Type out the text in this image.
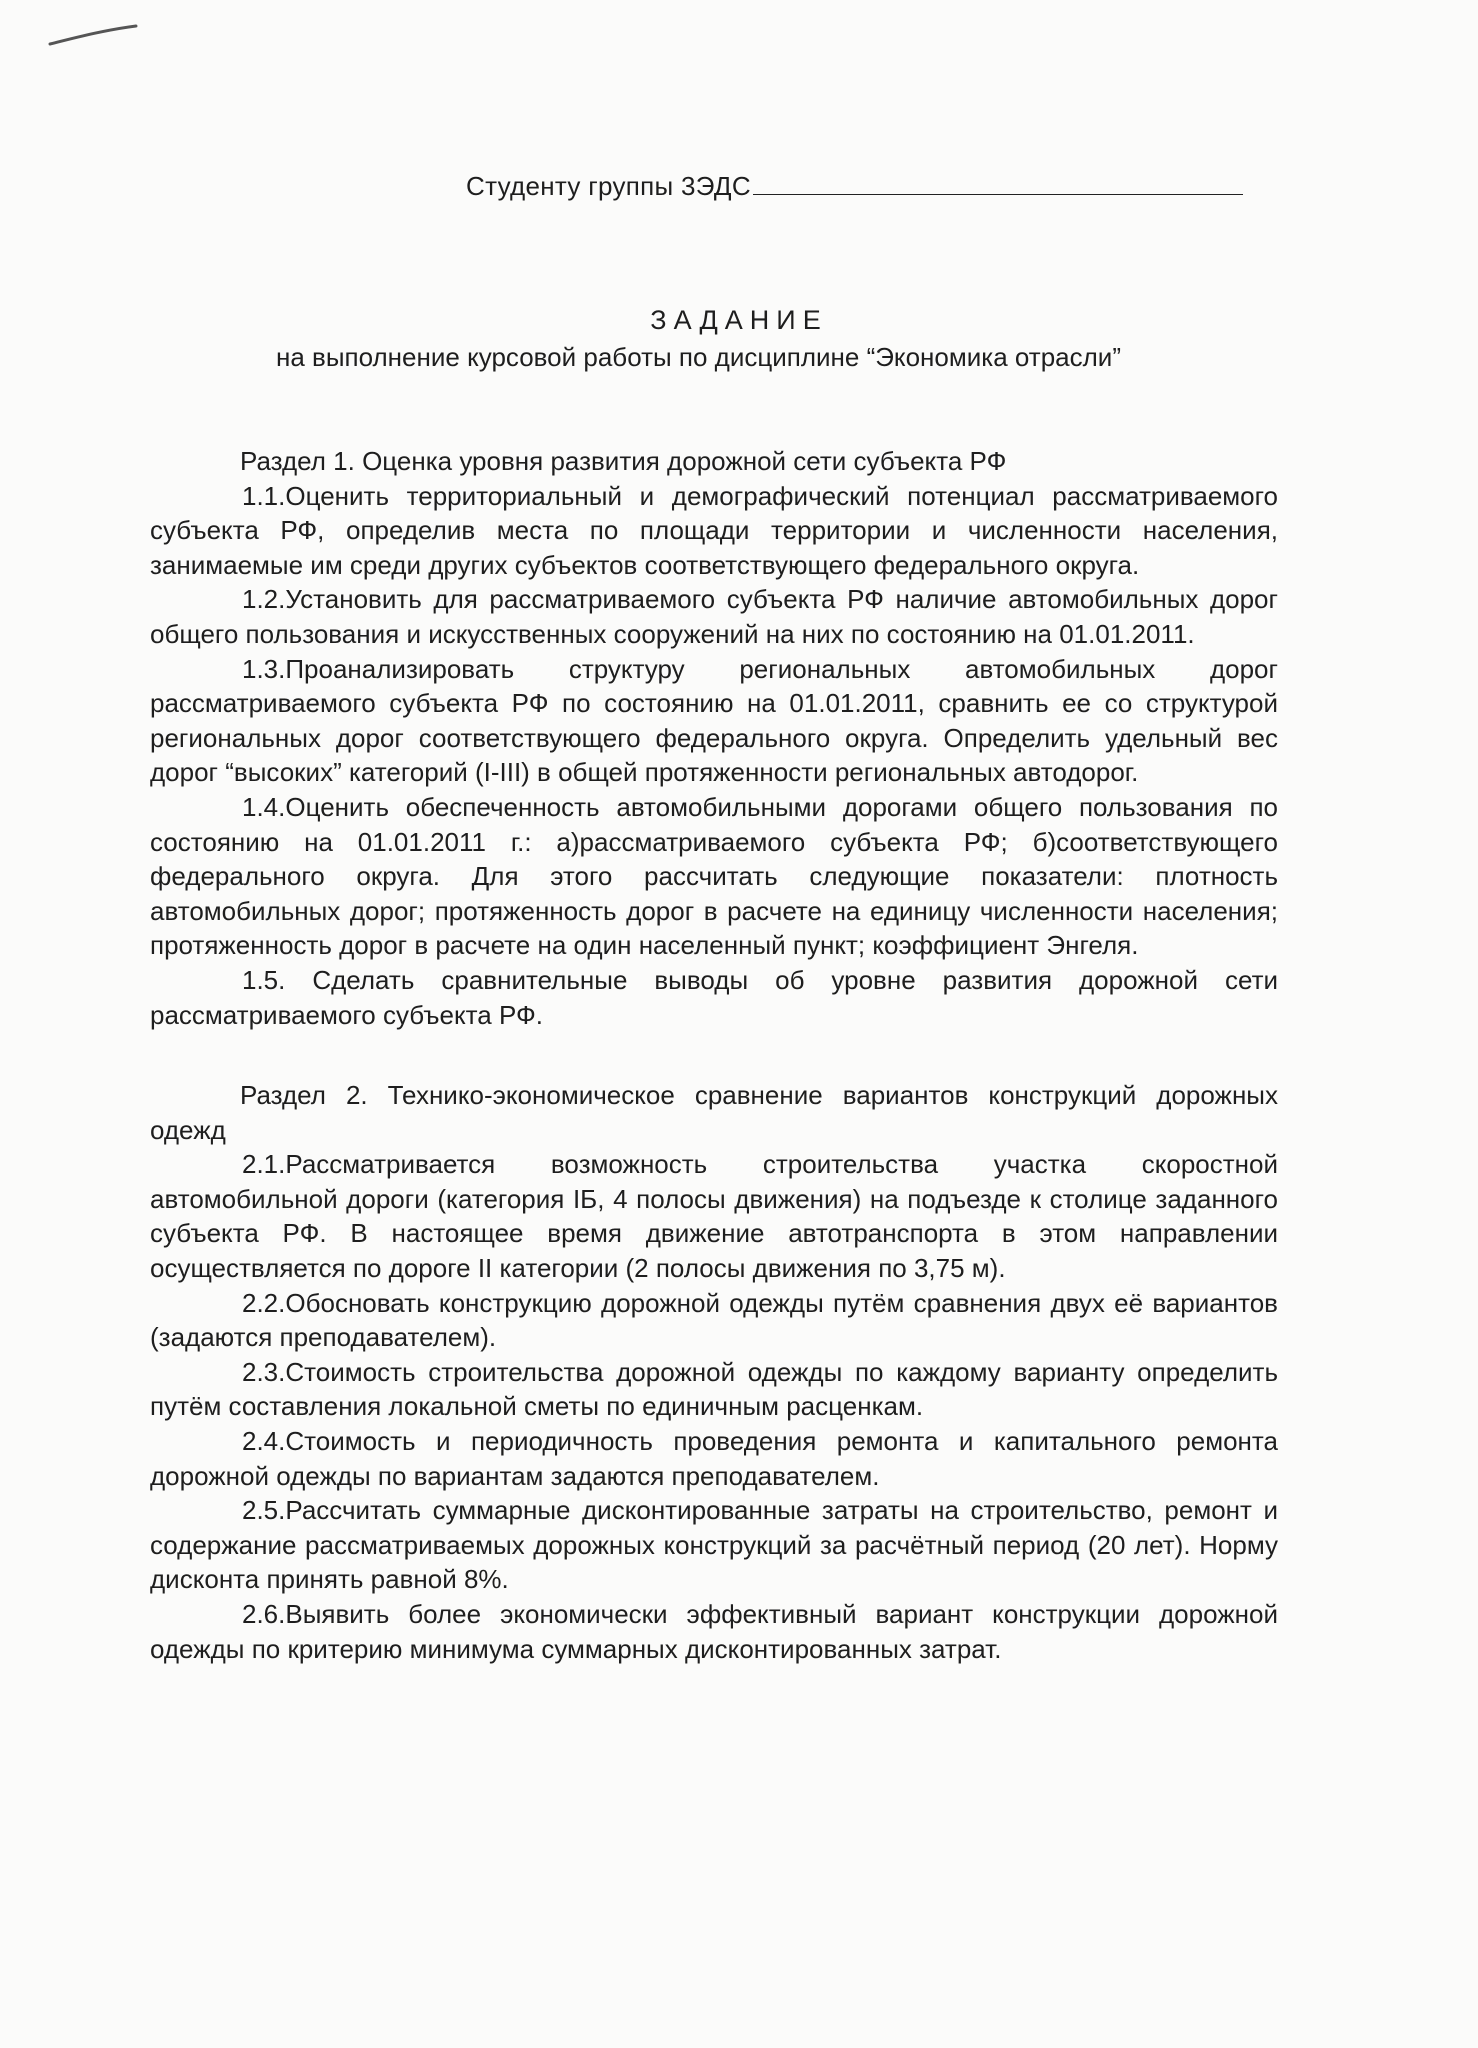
Студенту группы 3ЭДС
ЗАДАНИЕ
на выполнение курсовой работы по дисциплине “Экономика отрасли”

Раздел 1. Оценка уровня развития дорожной сети субъекта РФ

1.1.Оценить территориальный и демографический потенциал рассматриваемого субъекта РФ, определив места по площади территории и численности населения, занимаемые им среди других субъектов соответствующего федерального округа.

1.2.Установить для рассматриваемого субъекта РФ наличие автомобильных дорог общего пользования и искусственных сооружений на них по состоянию на 01.01.2011.

1.3.Проанализировать структуру региональных автомобильных дорог рассматриваемого субъекта РФ по состоянию на 01.01.2011, сравнить ее со структурой региональных дорог соответствующего федерального округа. Определить удельный вес дорог “высоких” категорий (I-III) в общей протяженности региональных автодорог.

1.4.Оценить обеспеченность автомобильными дорогами общего пользования по состоянию на 01.01.2011 г.: а)рассматриваемого субъекта РФ; б)соответствующего федерального округа. Для этого рассчитать следующие показатели: плотность автомобильных дорог; протяженность дорог в расчете на единицу численности населения; протяженность дорог в расчете на один населенный пункт; коэффициент Энгеля.

1.5. Сделать сравнительные выводы об уровне развития дорожной сети рассматриваемого субъекта РФ.

Раздел 2. Технико-экономическое сравнение вариантов конструкций дорожных одежд

2.1.Рассматривается возможность строительства участка скоростной автомобильной дороги (категория IБ, 4 полосы движения) на подъезде к столице заданного субъекта РФ. В настоящее время движение автотранспорта в этом направлении осуществляется по дороге II категории (2 полосы движения по 3,75 м).

2.2.Обосновать конструкцию дорожной одежды путём сравнения двух её вариантов (задаются преподавателем).

2.3.Стоимость строительства дорожной одежды по каждому варианту определить путём составления локальной сметы по единичным расценкам.

2.4.Стоимость и периодичность проведения ремонта и капитального ремонта дорожной одежды по вариантам задаются преподавателем.

2.5.Рассчитать суммарные дисконтированные затраты на строительство, ремонт и содержание рассматриваемых дорожных конструкций за расчётный период (20 лет). Норму дисконта принять равной 8%.

2.6.Выявить более экономически эффективный вариант конструкции дорожной одежды по критерию минимума суммарных дисконтированных затрат.
